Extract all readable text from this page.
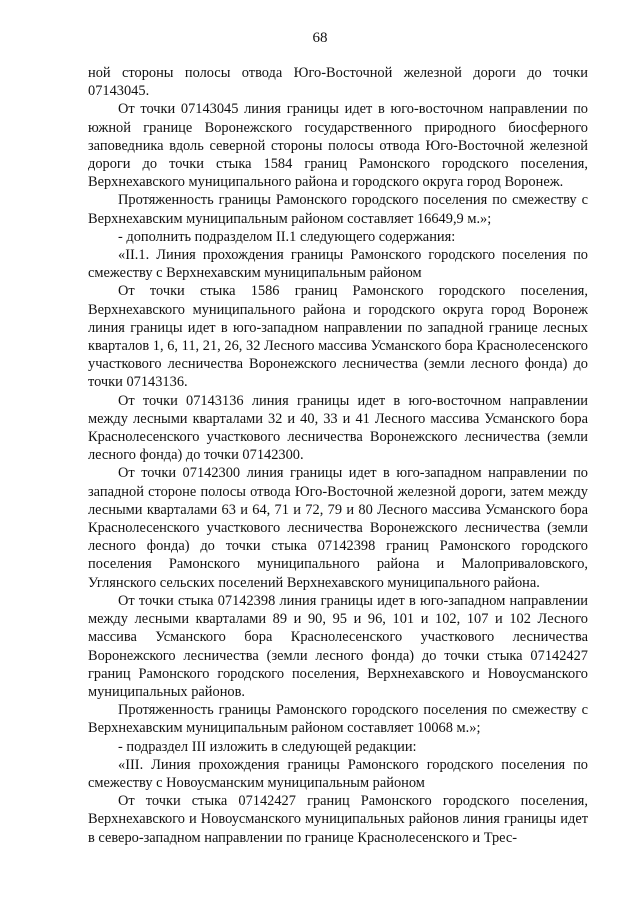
68

ной стороны полосы отвода Юго-Восточной железной дороги до точки 07143045.

От точки 07143045 линия границы идет в юго-восточном направлении по южной границе Воронежского государственного природного биосферного заповедника вдоль северной стороны полосы отвода Юго-Восточной железной дороги до точки стыка 1584 границ Рамонского городского поселения, Верхнехавского муниципального района и городского округа город Воронеж.

Протяженность границы Рамонского городского поселения по смежеству с Верхнехавским муниципальным районом составляет 16649,9 м.»;

- дополнить подразделом II.1 следующего содержания:

«II.1. Линия прохождения границы Рамонского городского поселения по смежеству с Верхнехавским муниципальным районом

От точки стыка 1586 границ Рамонского городского поселения, Верхнехавского муниципального района и городского округа город Воронеж линия границы идет в юго-западном направлении по западной границе лесных кварталов 1, 6, 11, 21, 26, 32 Лесного массива Усманского бора Краснолесенского участкового лесничества Воронежского лесничества (земли лесного фонда) до точки 07143136.

От точки 07143136 линия границы идет в юго-восточном направлении между лесными кварталами 32 и 40, 33 и 41 Лесного массива Усманского бора Краснолесенского участкового лесничества Воронежского лесничества (земли лесного фонда) до точки 07142300.

От точки 07142300 линия границы идет в юго-западном направлении по западной стороне полосы отвода Юго-Восточной железной дороги, затем между лесными кварталами 63 и 64, 71 и 72, 79 и 80 Лесного массива Усманского бора Краснолесенского участкового лесничества Воронежского лесничества (земли лесного фонда) до точки стыка 07142398 границ Рамонского городского поселения Рамонского муниципального района и Малоприваловского, Углянского сельских поселений Верхнехавского муниципального района.

От точки стыка 07142398 линия границы идет в юго-западном направлении между лесными кварталами 89 и 90, 95 и 96, 101 и 102, 107 и 102 Лесного массива Усманского бора Краснолесенского участкового лесничества Воронежского лесничества (земли лесного фонда) до точки стыка 07142427 границ Рамонского городского поселения, Верхнехавского и Новоусманского муниципальных районов.

Протяженность границы Рамонского городского поселения по смежеству с Верхнехавским муниципальным районом составляет 10068 м.»;

- подраздел III изложить в следующей редакции:

«III. Линия прохождения границы Рамонского городского поселения по смежеству с Новоусманским муниципальным районом

От точки стыка 07142427 границ Рамонского городского поселения, Верхнехавского и Новоусманского муниципальных районов линия границы идет в северо-западном направлении по границе Краснолесенского и Трес-
